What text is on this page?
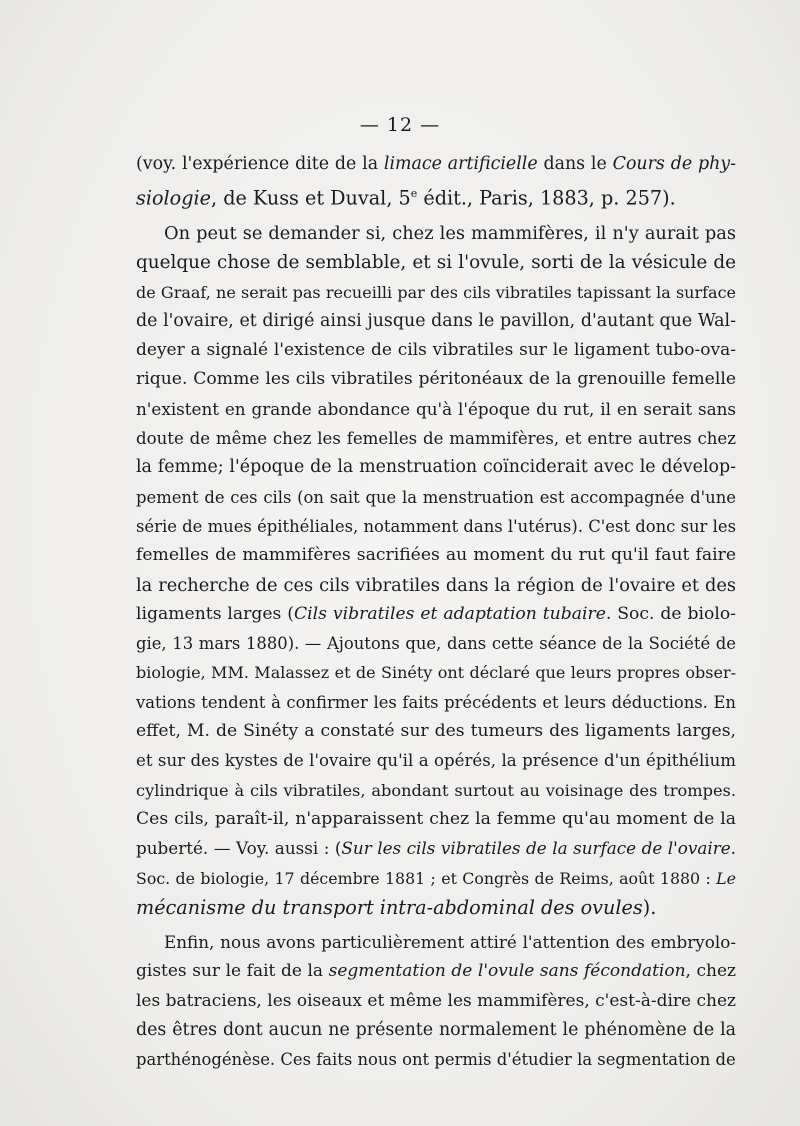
— 12 —

(voy. l'expérience dite de la limace artificielle dans le Cours de phy-
siologie, de Kuss et Duval, 5e édit., Paris, 1883, p. 257).

On peut se demander si, chez les mammifères, il n'y aurait pas
quelque chose de semblable, et si l'ovule, sorti de la vésicule de
de Graaf, ne serait pas recueilli par des cils vibratiles tapissant la surface
de l'ovaire, et dirigé ainsi jusque dans le pavillon, d'autant que Wal-
deyer a signalé l'existence de cils vibratiles sur le ligament tubo-ova-
rique. Comme les cils vibratiles péritonéaux de la grenouille femelle
n'existent en grande abondance qu'à l'époque du rut, il en serait sans
doute de même chez les femelles de mammifères, et entre autres chez
la femme; l'époque de la menstruation coïnciderait avec le dévelop-
pement de ces cils (on sait que la menstruation est accompagnée d'une
série de mues épithéliales, notamment dans l'utérus). C'est donc sur les
femelles de mammifères sacrifiées au moment du rut qu'il faut faire
la recherche de ces cils vibratiles dans la région de l'ovaire et des
ligaments larges (Cils vibratiles et adaptation tubaire. Soc. de biolo-
gie, 13 mars 1880). — Ajoutons que, dans cette séance de la Société de
biologie, MM. Malassez et de Sinéty ont déclaré que leurs propres obser-
vations tendent à confirmer les faits précédents et leurs déductions. En
effet, M. de Sinéty a constaté sur des tumeurs des ligaments larges,
et sur des kystes de l'ovaire qu'il a opérés, la présence d'un épithélium
cylindrique à cils vibratiles, abondant surtout au voisinage des trompes.
Ces cils, paraît-il, n'apparaissent chez la femme qu'au moment de la
puberté. — Voy. aussi : (Sur les cils vibratiles de la surface de l'ovaire.
Soc. de biologie, 17 décembre 1881 ; et Congrès de Reims, août 1880 : Le
mécanisme du transport intra-abdominal des ovules).

Enfin, nous avons particulièrement attiré l'attention des embryolo-
gistes sur le fait de la segmentation de l'ovule sans fécondation, chez
les batraciens, les oiseaux et même les mammifères, c'est-à-dire chez
des êtres dont aucun ne présente normalement le phénomène de la
parthénogénèse. Ces faits nous ont permis d'étudier la segmentation de
